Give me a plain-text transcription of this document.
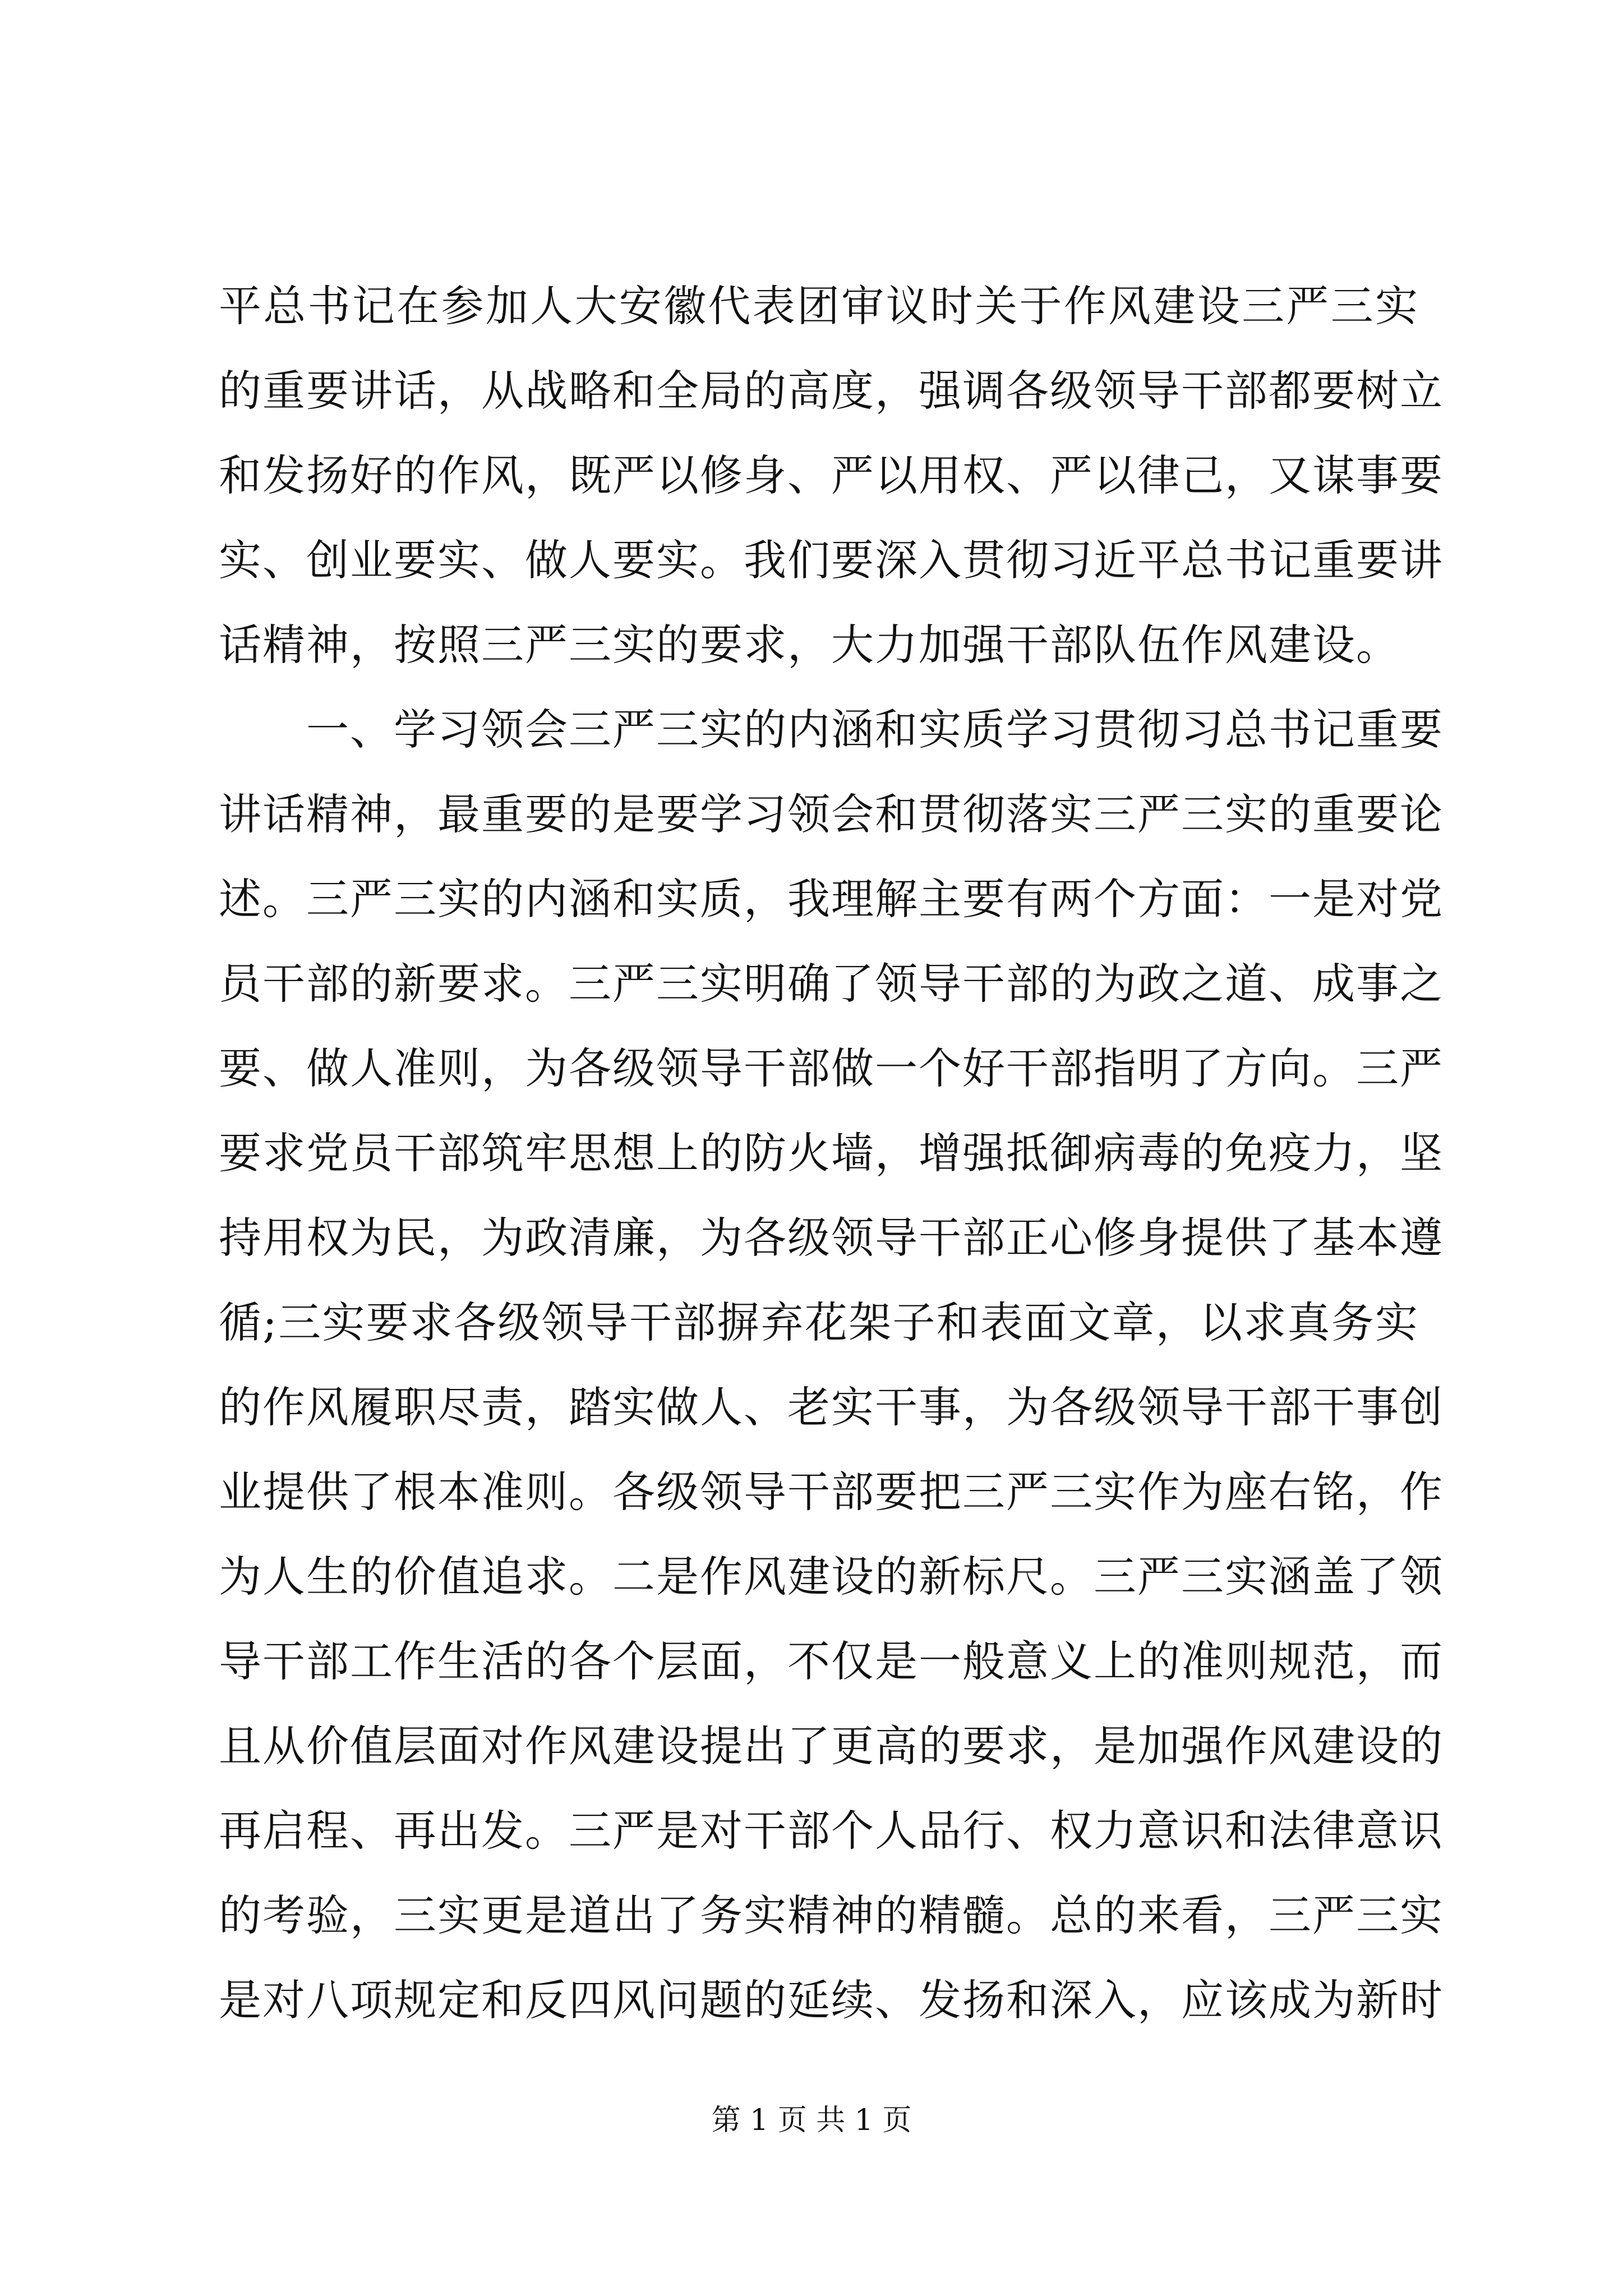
平总书记在参加人大安徽代表团审议时关于作风建设三严三实
的重要讲话，从战略和全局的高度，强调各级领导干部都要树立
和发扬好的作风，既严以修身、严以用权、严以律己，又谋事要
实、创业要实、做人要实。我们要深入贯彻习近平总书记重要讲
话精神，按照三严三实的要求，大力加强干部队伍作风建设。
　　一、学习领会三严三实的内涵和实质学习贯彻习总书记重要
讲话精神，最重要的是要学习领会和贯彻落实三严三实的重要论
述。三严三实的内涵和实质，我理解主要有两个方面：一是对党
员干部的新要求。三严三实明确了领导干部的为政之道、成事之
要、做人准则，为各级领导干部做一个好干部指明了方向。三严
要求党员干部筑牢思想上的防火墙，增强抵御病毒的免疫力，坚
持用权为民，为政清廉，为各级领导干部正心修身提供了基本遵
循;三实要求各级领导干部摒弃花架子和表面文章，以求真务实
的作风履职尽责，踏实做人、老实干事，为各级领导干部干事创
业提供了根本准则。各级领导干部要把三严三实作为座右铭，作
为人生的价值追求。二是作风建设的新标尺。三严三实涵盖了领
导干部工作生活的各个层面，不仅是一般意义上的准则规范，而
且从价值层面对作风建设提出了更高的要求，是加强作风建设的
再启程、再出发。三严是对干部个人品行、权力意识和法律意识
的考验，三实更是道出了务实精神的精髓。总的来看，三严三实
是对八项规定和反四风问题的延续、发扬和深入，应该成为新时
第 1 页 共 1 页
